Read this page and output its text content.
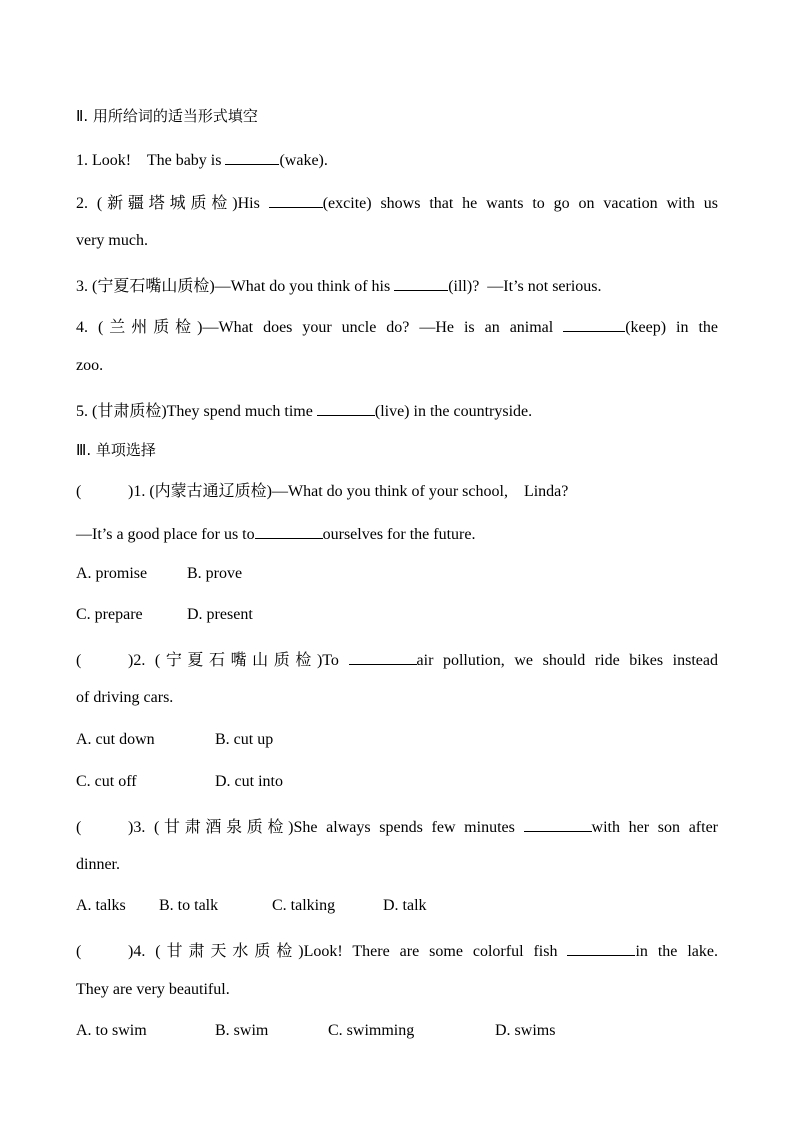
Ⅱ. 用所给词的适当形式填空
1. Look!    The baby is	(wake).
2. (新疆塔城质检)His	(excite) shows that he wants to go on vacation with us
very much.
3. (宁夏石嘴山质检)—What do you think of his	(ill)?  —It’s not serious.
4. (兰州质检)—What does your uncle do? —He is an animal	(keep) in the
zoo.
5. (甘肃质检)They spend much time	(live) in the countryside.
Ⅲ. 单项选择
(	)1. (内蒙古通辽质检)—What do you think of your school,    Linda?
—It’s a good place for us to	ourselves for the future.
A. promise B. prove
C. prepare	D. present
(	)2. (宁夏石嘴山质检)To	air pollution, we should ride bikes instead
of driving cars.
A. cut down	B. cut up
C. cut off	D. cut into
(	)3. (甘肃酒泉质检)She always spends few minutes	with her son after
dinner.
A. talks B. to talk	C. talking	D. talk
(	)4. (甘肃天水质检)Look! There are some colorful fish	in the lake.
They are very beautiful.
A. to swim	B. swim	C. swimming	D. swims
